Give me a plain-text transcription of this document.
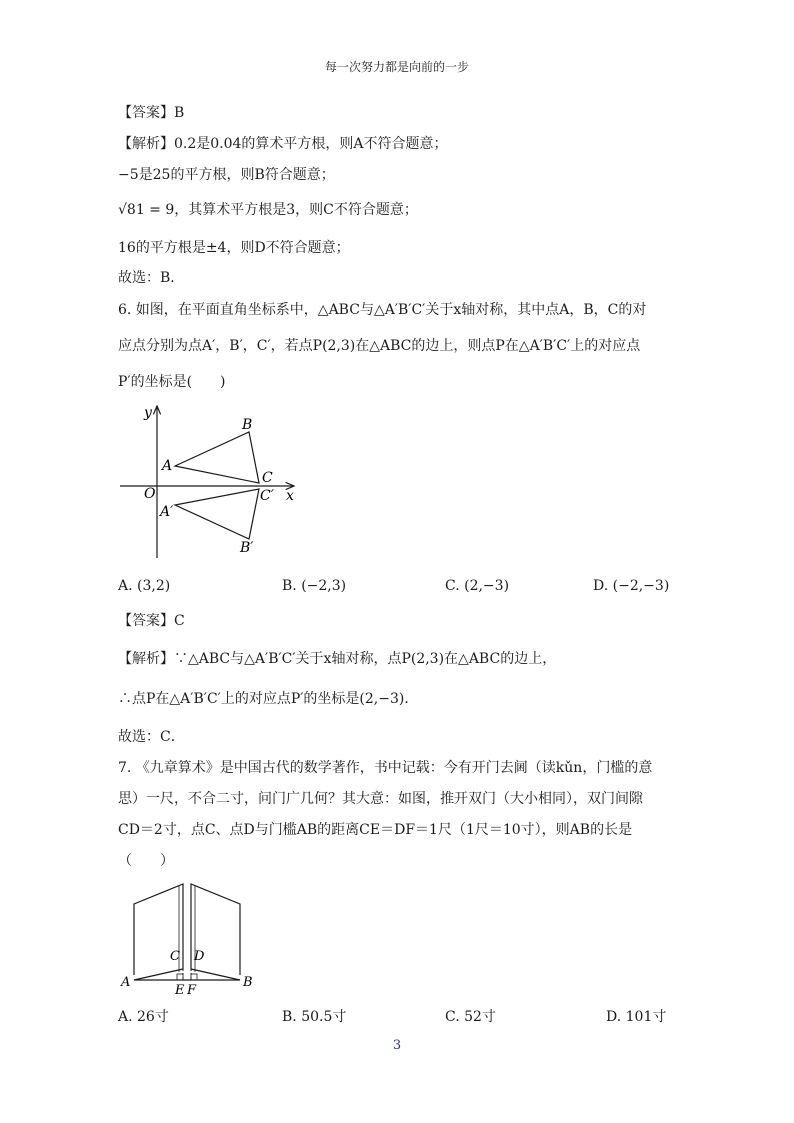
每一次努力都是向前的一步
【答案】B
【解析】0.2是0.04的算术平方根，则A不符合题意；
−5是25的平方根，则B符合题意；
√81 = 9，其算术平方根是3，则C不符合题意；
16的平方根是±4，则D不符合题意；
故选：B．
6. 如图，在平面直角坐标系中，△ABC与△A′B′C′关于x轴对称，其中点A，B，C的对
应点分别为点A′，B′，C′，若点P(2,3)在△ABC的边上，则点P在△A′B′C′上的对应点
P′的坐标是(　　)
y
B
A
C
O	C′ x
A′
B′
A. (3,2)	B. (−2,3)	C. (2,−3)	D. (−2,−3)
【答案】C
【解析】∵△ABC与△A′B′C′关于x轴对称，点P(2,3)在△ABC的边上，
∴点P在△A′B′C′上的对应点P′的坐标是(2,−3)．
故选：C．
7. 《九章算术》是中国古代的数学著作，书中记载：今有开门去阃（读kǔn，门槛的意
思）一尺，不合二寸，问门广几何？其大意：如图，推开双门（大小相同），双门间隙
CD＝2寸，点C、点D与门槛AB的距离CE＝DF＝1尺（1尺＝10寸），则AB的长是
（　　）
C D
A	B
E F
A. 26寸	B. 50.5寸	C. 52寸	D. 101寸
3
